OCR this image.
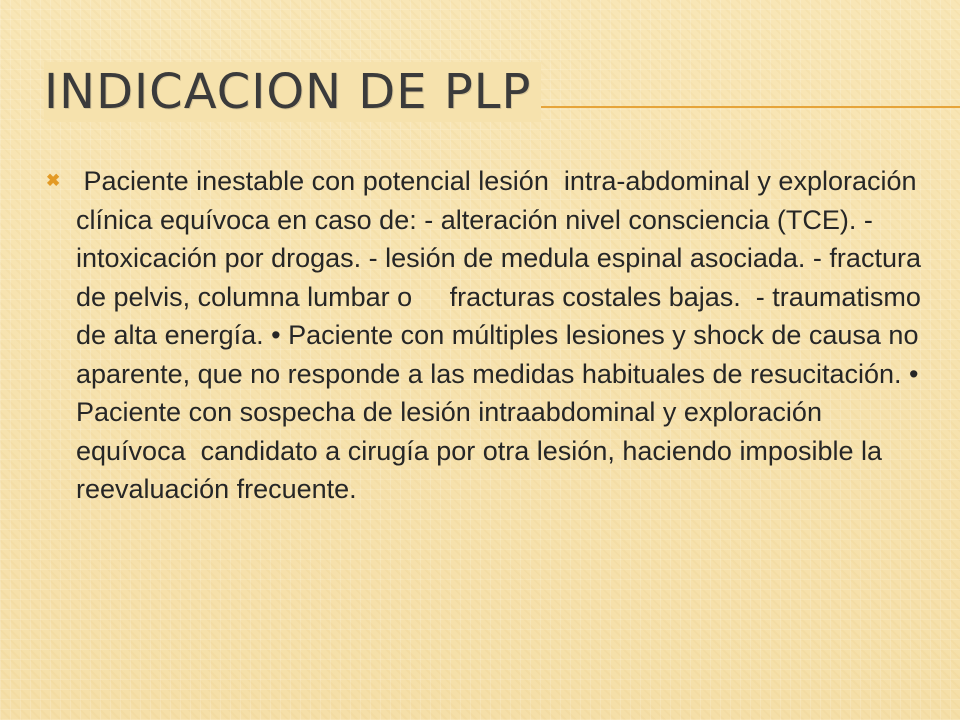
INDICACION DE PLP

✖ Paciente inestable con potencial lesión  intra-abdominal y exploración  clínica equívoca en caso de: - alteración nivel consciencia (TCE). - intoxicación por drogas. - lesión de medula espinal asociada. - fractura de pelvis, columna lumbar o     fracturas costales bajas.  - traumatismo de alta energía. • Paciente con múltiples lesiones y shock de causa no aparente, que no responde a las medidas habituales de resucitación. • Paciente con sospecha de lesión intraabdominal y exploración equívoca  candidato a cirugía por otra lesión, haciendo imposible la reevaluación frecuente.
